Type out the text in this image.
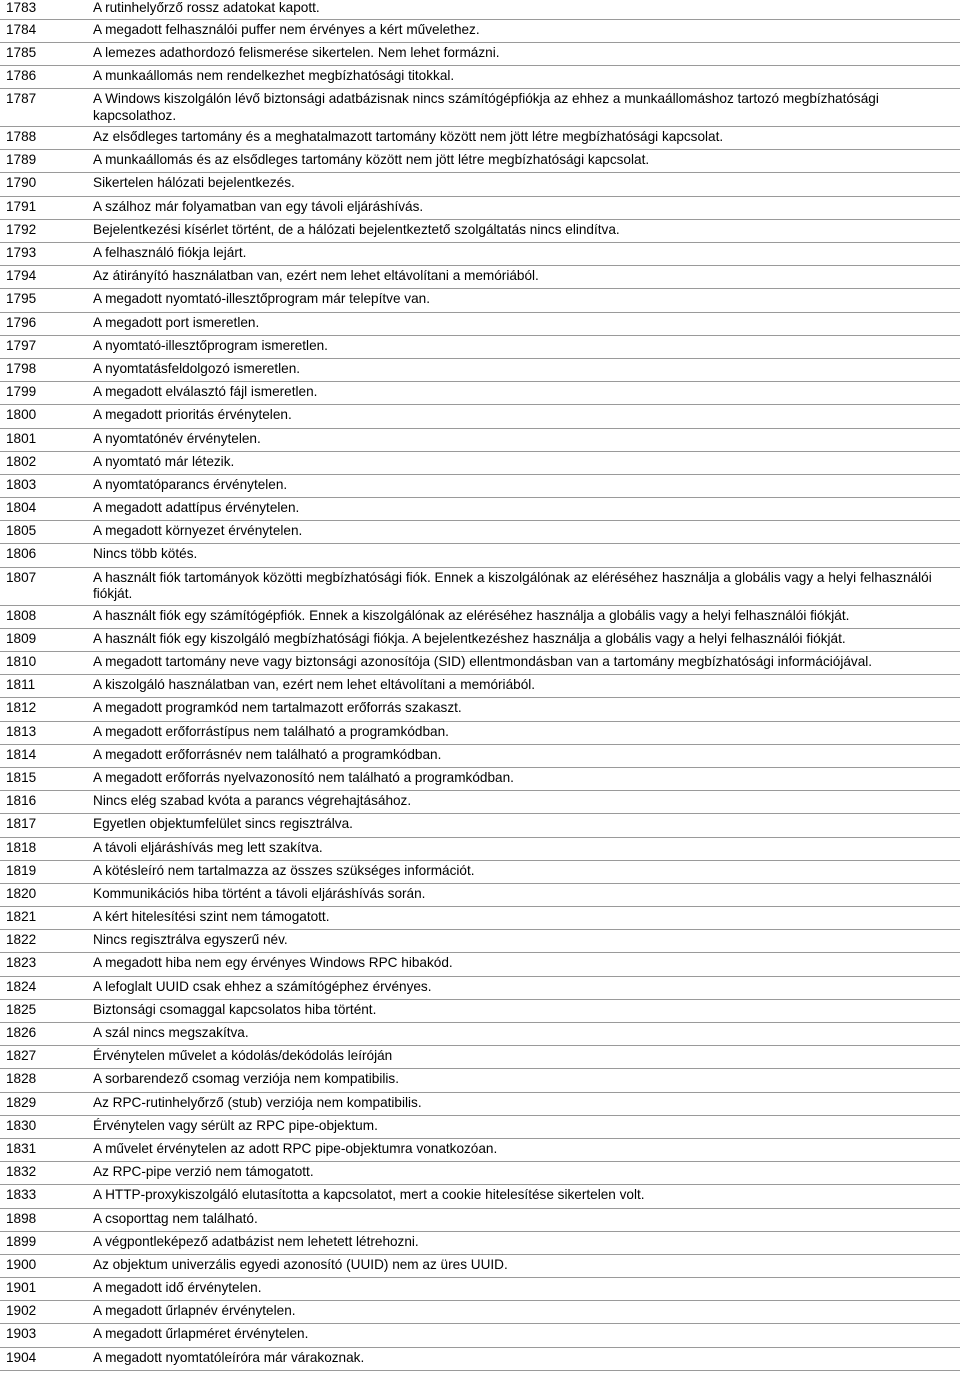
1783	A rutinhelyőrző rossz adatokat kapott.
1784	A megadott felhasználói puffer nem érvényes a kért művelethez.
1785	A lemezes adathordozó felismerése sikertelen. Nem lehet formázni.
1786	A munkaállomás nem rendelkezhet megbízhatósági titokkal.
1787	A Windows kiszolgálón lévő biztonsági adatbázisnak nincs számítógépfiókja az ehhez a munkaállomáshoz tartozó megbízhatósági kapcsolathoz.
1788	Az elsődleges tartomány és a meghatalmazott tartomány között nem jött létre megbízhatósági kapcsolat.
1789	A munkaállomás és az elsődleges tartomány között nem jött létre megbízhatósági kapcsolat.
1790	Sikertelen hálózati bejelentkezés.
1791	A szálhoz már folyamatban van egy távoli eljáráshívás.
1792	Bejelentkezési kísérlet történt, de a hálózati bejelentkeztető szolgáltatás nincs elindítva.
1793	A felhasználó fiókja lejárt.
1794	Az átirányító használatban van, ezért nem lehet eltávolítani a memóriából.
1795	A megadott nyomtató-illesztőprogram már telepítve van.
1796	A megadott port ismeretlen.
1797	A nyomtató-illesztőprogram ismeretlen.
1798	A nyomtatásfeldolgozó ismeretlen.
1799	A megadott elválasztó fájl ismeretlen.
1800	A megadott prioritás érvénytelen.
1801	A nyomtatónév érvénytelen.
1802	A nyomtató már létezik.
1803	A nyomtatóparancs érvénytelen.
1804	A megadott adattípus érvénytelen.
1805	A megadott környezet érvénytelen.
1806	Nincs több kötés.
1807	A használt fiók tartományok közötti megbízhatósági fiók. Ennek a kiszolgálónak az eléréséhez használja a globális vagy a helyi felhasználói fiókját.
1808	A használt fiók egy számítógépfiók. Ennek a kiszolgálónak az eléréséhez használja a globális vagy a helyi felhasználói fiókját.
1809	A használt fiók egy kiszolgáló megbízhatósági fiókja. A bejelentkezéshez használja a globális vagy a helyi felhasználói fiókját.
1810	A megadott tartomány neve vagy biztonsági azonosítója (SID) ellentmondásban van a tartomány megbízhatósági információjával.
1811	A kiszolgáló használatban van, ezért nem lehet eltávolítani a memóriából.
1812	A megadott programkód nem tartalmazott erőforrás szakaszt.
1813	A megadott erőforrástípus nem található a programkódban.
1814	A megadott erőforrásnév nem található a programkódban.
1815	A megadott erőforrás nyelvazonosító nem található a programkódban.
1816	Nincs elég szabad kvóta a parancs végrehajtásához.
1817	Egyetlen objektumfelület sincs regisztrálva.
1818	A távoli eljáráshívás meg lett szakítva.
1819	A kötésleíró nem tartalmazza az összes szükséges információt.
1820	Kommunikációs hiba történt a távoli eljáráshívás során.
1821	A kért hitelesítési szint nem támogatott.
1822	Nincs regisztrálva egyszerű név.
1823	A megadott hiba nem egy érvényes Windows RPC hibakód.
1824	A lefoglalt UUID csak ehhez a számítógéphez érvényes.
1825	Biztonsági csomaggal kapcsolatos hiba történt.
1826	A szál nincs megszakítva.
1827	Érvénytelen művelet a kódolás/dekódolás leíróján
1828	A sorbarendező csomag verziója nem kompatibilis.
1829	Az RPC-rutinhelyőrző (stub) verziója nem kompatibilis.
1830	Érvénytelen vagy sérült az RPC pipe-objektum.
1831	A művelet érvénytelen az adott RPC pipe-objektumra vonatkozóan.
1832	Az RPC-pipe verzió nem támogatott.
1833	A HTTP-proxykiszolgáló elutasította a kapcsolatot, mert a cookie hitelesítése sikertelen volt.
1898	A csoporttag nem található.
1899	A végpontleképező adatbázist nem lehetett létrehozni.
1900	Az objektum univerzális egyedi azonosító (UUID) nem az üres UUID.
1901	A megadott idő érvénytelen.
1902	A megadott űrlapnév érvénytelen.
1903	A megadott űrlapméret érvénytelen.
1904	A megadott nyomtatóleíróra már várakoznak.
